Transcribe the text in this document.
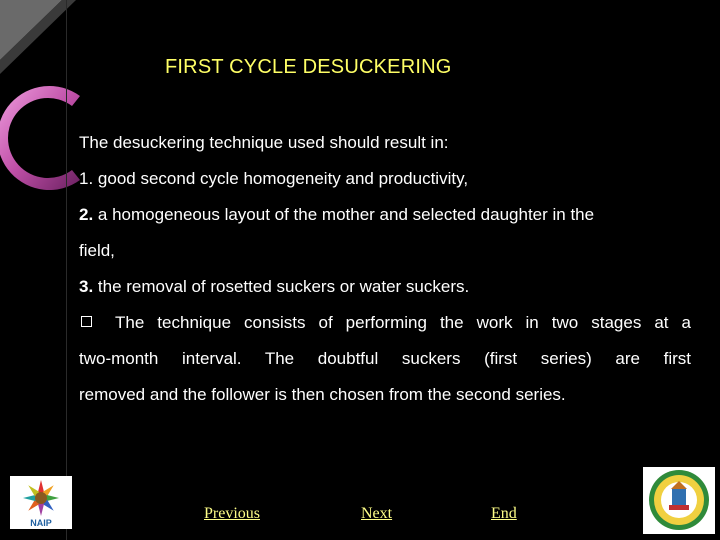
FIRST CYCLE DESUCKERING
The desuckering technique used should result in:
1. good second cycle homogeneity and productivity,
2. a homogeneous layout of the mother and selected daughter in the
field,
3. the removal of rosetted suckers or water suckers.
The technique consists of performing the work in two stages at a
two-month interval. The doubtful suckers (first series) are first
removed and the follower is then chosen from the second series.
NAIP
Previous	Next	End
